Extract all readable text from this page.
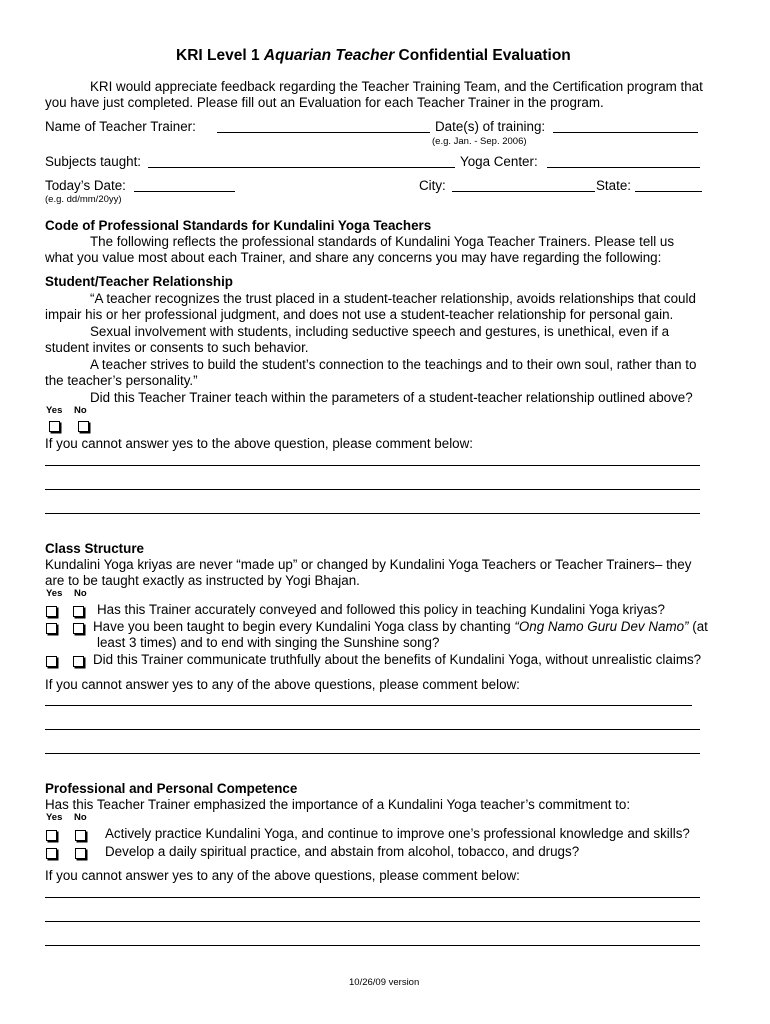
KRI Level 1 Aquarian Teacher Confidential Evaluation
KRI would appreciate feedback regarding the Teacher Training Team, and the Certification program that
you have just completed. Please fill out an Evaluation for each Teacher Trainer in the program.
Name of Teacher Trainer:	Date(s) of training:
(e.g. Jan. - Sep. 2006)
Subjects taught:	Yoga Center:
Today’s Date:	City:	State:
(e.g. dd/mm/20yy)
Code of Professional Standards for Kundalini Yoga Teachers
The following reflects the professional standards of Kundalini Yoga Teacher Trainers. Please tell us
what you value most about each Trainer, and share any concerns you may have regarding the following:
Student/Teacher Relationship
“A teacher recognizes the trust placed in a student-teacher relationship, avoids relationships that could
impair his or her professional judgment, and does not use a student-teacher relationship for personal gain.
Sexual involvement with students, including seductive speech and gestures, is unethical, even if a
student invites or consents to such behavior.
A teacher strives to build the student’s connection to the teachings and to their own soul, rather than to
the teacher’s personality.”
Did this Teacher Trainer teach within the parameters of a student-teacher relationship outlined above?
Yes No
If you cannot answer yes to the above question, please comment below:
Class Structure
Kundalini Yoga kriyas are never “made up” or changed by Kundalini Yoga Teachers or Teacher Trainers– they
are to be taught exactly as instructed by Yogi Bhajan.
Yes No
Has this Trainer accurately conveyed and followed this policy in teaching Kundalini Yoga kriyas?
Have you been taught to begin every Kundalini Yoga class by chanting “Ong Namo Guru Dev Namo” (at
least 3 times) and to end with singing the Sunshine song?
Did this Trainer communicate truthfully about the benefits of Kundalini Yoga, without unrealistic claims?
If you cannot answer yes to any of the above questions, please comment below:
Professional and Personal Competence
Has this Teacher Trainer emphasized the importance of a Kundalini Yoga teacher’s commitment to:
Yes No
Actively practice Kundalini Yoga, and continue to improve one’s professional knowledge and skills?
Develop a daily spiritual practice, and abstain from alcohol, tobacco, and drugs?
If you cannot answer yes to any of the above questions, please comment below:
10/26/09 version
